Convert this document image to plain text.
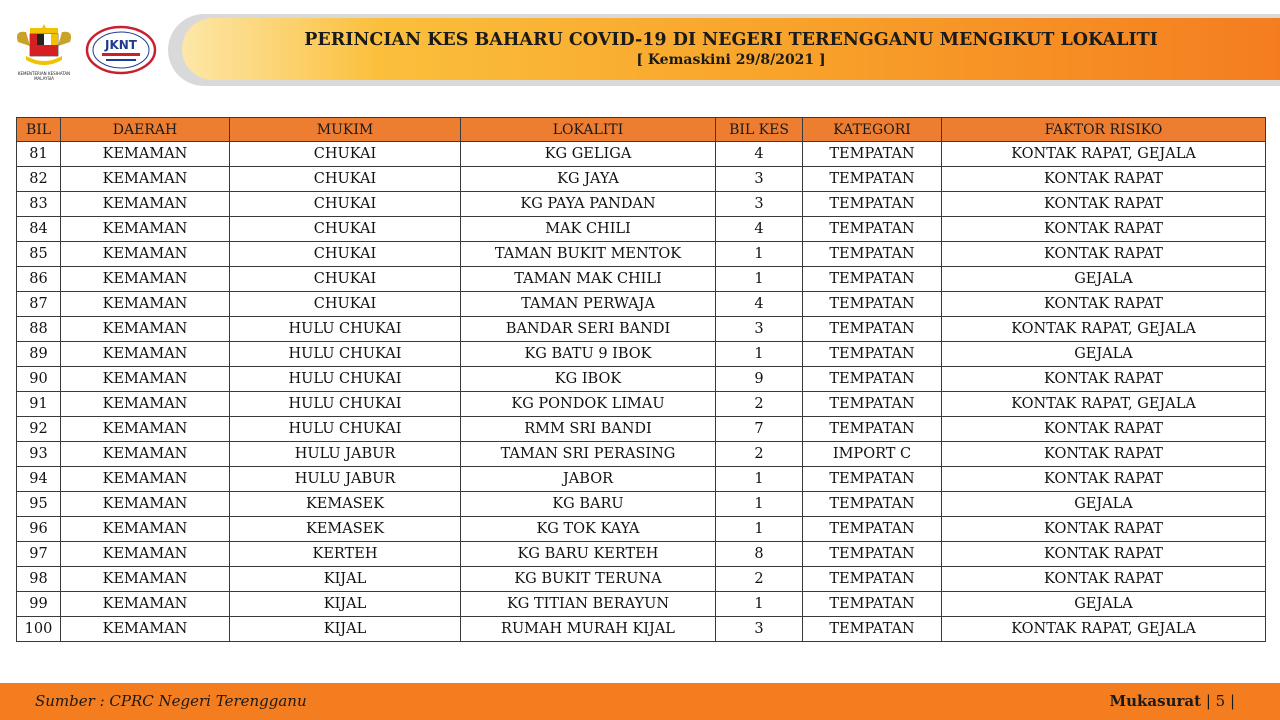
KEMENTERIAN KESIHATAN
MALAYSIA
JKNT	PERINCIAN KES BAHARU COVID-19 DI NEGERI TERENGGANU MENGIKUT LOKALITI
[ Kemaskini 29/8/2021 ]
BIL	DAERAH	MUKIM	LOKALITI	BIL KES	KATEGORI	FAKTOR RISIKO
81	KEMAMAN	CHUKAI	KG GELIGA	4	TEMPATAN	KONTAK RAPAT, GEJALA
82	KEMAMAN	CHUKAI	KG JAYA	3	TEMPATAN	KONTAK RAPAT
83	KEMAMAN	CHUKAI	KG PAYA PANDAN	3	TEMPATAN	KONTAK RAPAT
84	KEMAMAN	CHUKAI	MAK CHILI	4	TEMPATAN	KONTAK RAPAT
85	KEMAMAN	CHUKAI	TAMAN BUKIT MENTOK	1	TEMPATAN	KONTAK RAPAT
86	KEMAMAN	CHUKAI	TAMAN MAK CHILI	1	TEMPATAN	GEJALA
87	KEMAMAN	CHUKAI	TAMAN PERWAJA	4	TEMPATAN	KONTAK RAPAT
88	KEMAMAN	HULU CHUKAI	BANDAR SERI BANDI	3	TEMPATAN	KONTAK RAPAT, GEJALA
89	KEMAMAN	HULU CHUKAI	KG BATU 9 IBOK	1	TEMPATAN	GEJALA
90	KEMAMAN	HULU CHUKAI	KG IBOK	9	TEMPATAN	KONTAK RAPAT
91	KEMAMAN	HULU CHUKAI	KG PONDOK LIMAU	2	TEMPATAN	KONTAK RAPAT, GEJALA
92	KEMAMAN	HULU CHUKAI	RMM SRI BANDI	7	TEMPATAN	KONTAK RAPAT
93	KEMAMAN	HULU JABUR	TAMAN SRI PERASING	2	IMPORT C	KONTAK RAPAT
94	KEMAMAN	HULU JABUR	JABOR	1	TEMPATAN	KONTAK RAPAT
95	KEMAMAN	KEMASEK	KG BARU	1	TEMPATAN	GEJALA
96	KEMAMAN	KEMASEK	KG TOK KAYA	1	TEMPATAN	KONTAK RAPAT
97	KEMAMAN	KERTEH	KG BARU KERTEH	8	TEMPATAN	KONTAK RAPAT
98	KEMAMAN	KIJAL	KG BUKIT TERUNA	2	TEMPATAN	KONTAK RAPAT
99	KEMAMAN	KIJAL	KG TITIAN BERAYUN	1	TEMPATAN	GEJALA
100	KEMAMAN	KIJAL	RUMAH MURAH KIJAL	3	TEMPATAN	KONTAK RAPAT, GEJALA
Sumber : CPRC Negeri Terengganu	Mukasurat | 5 |
